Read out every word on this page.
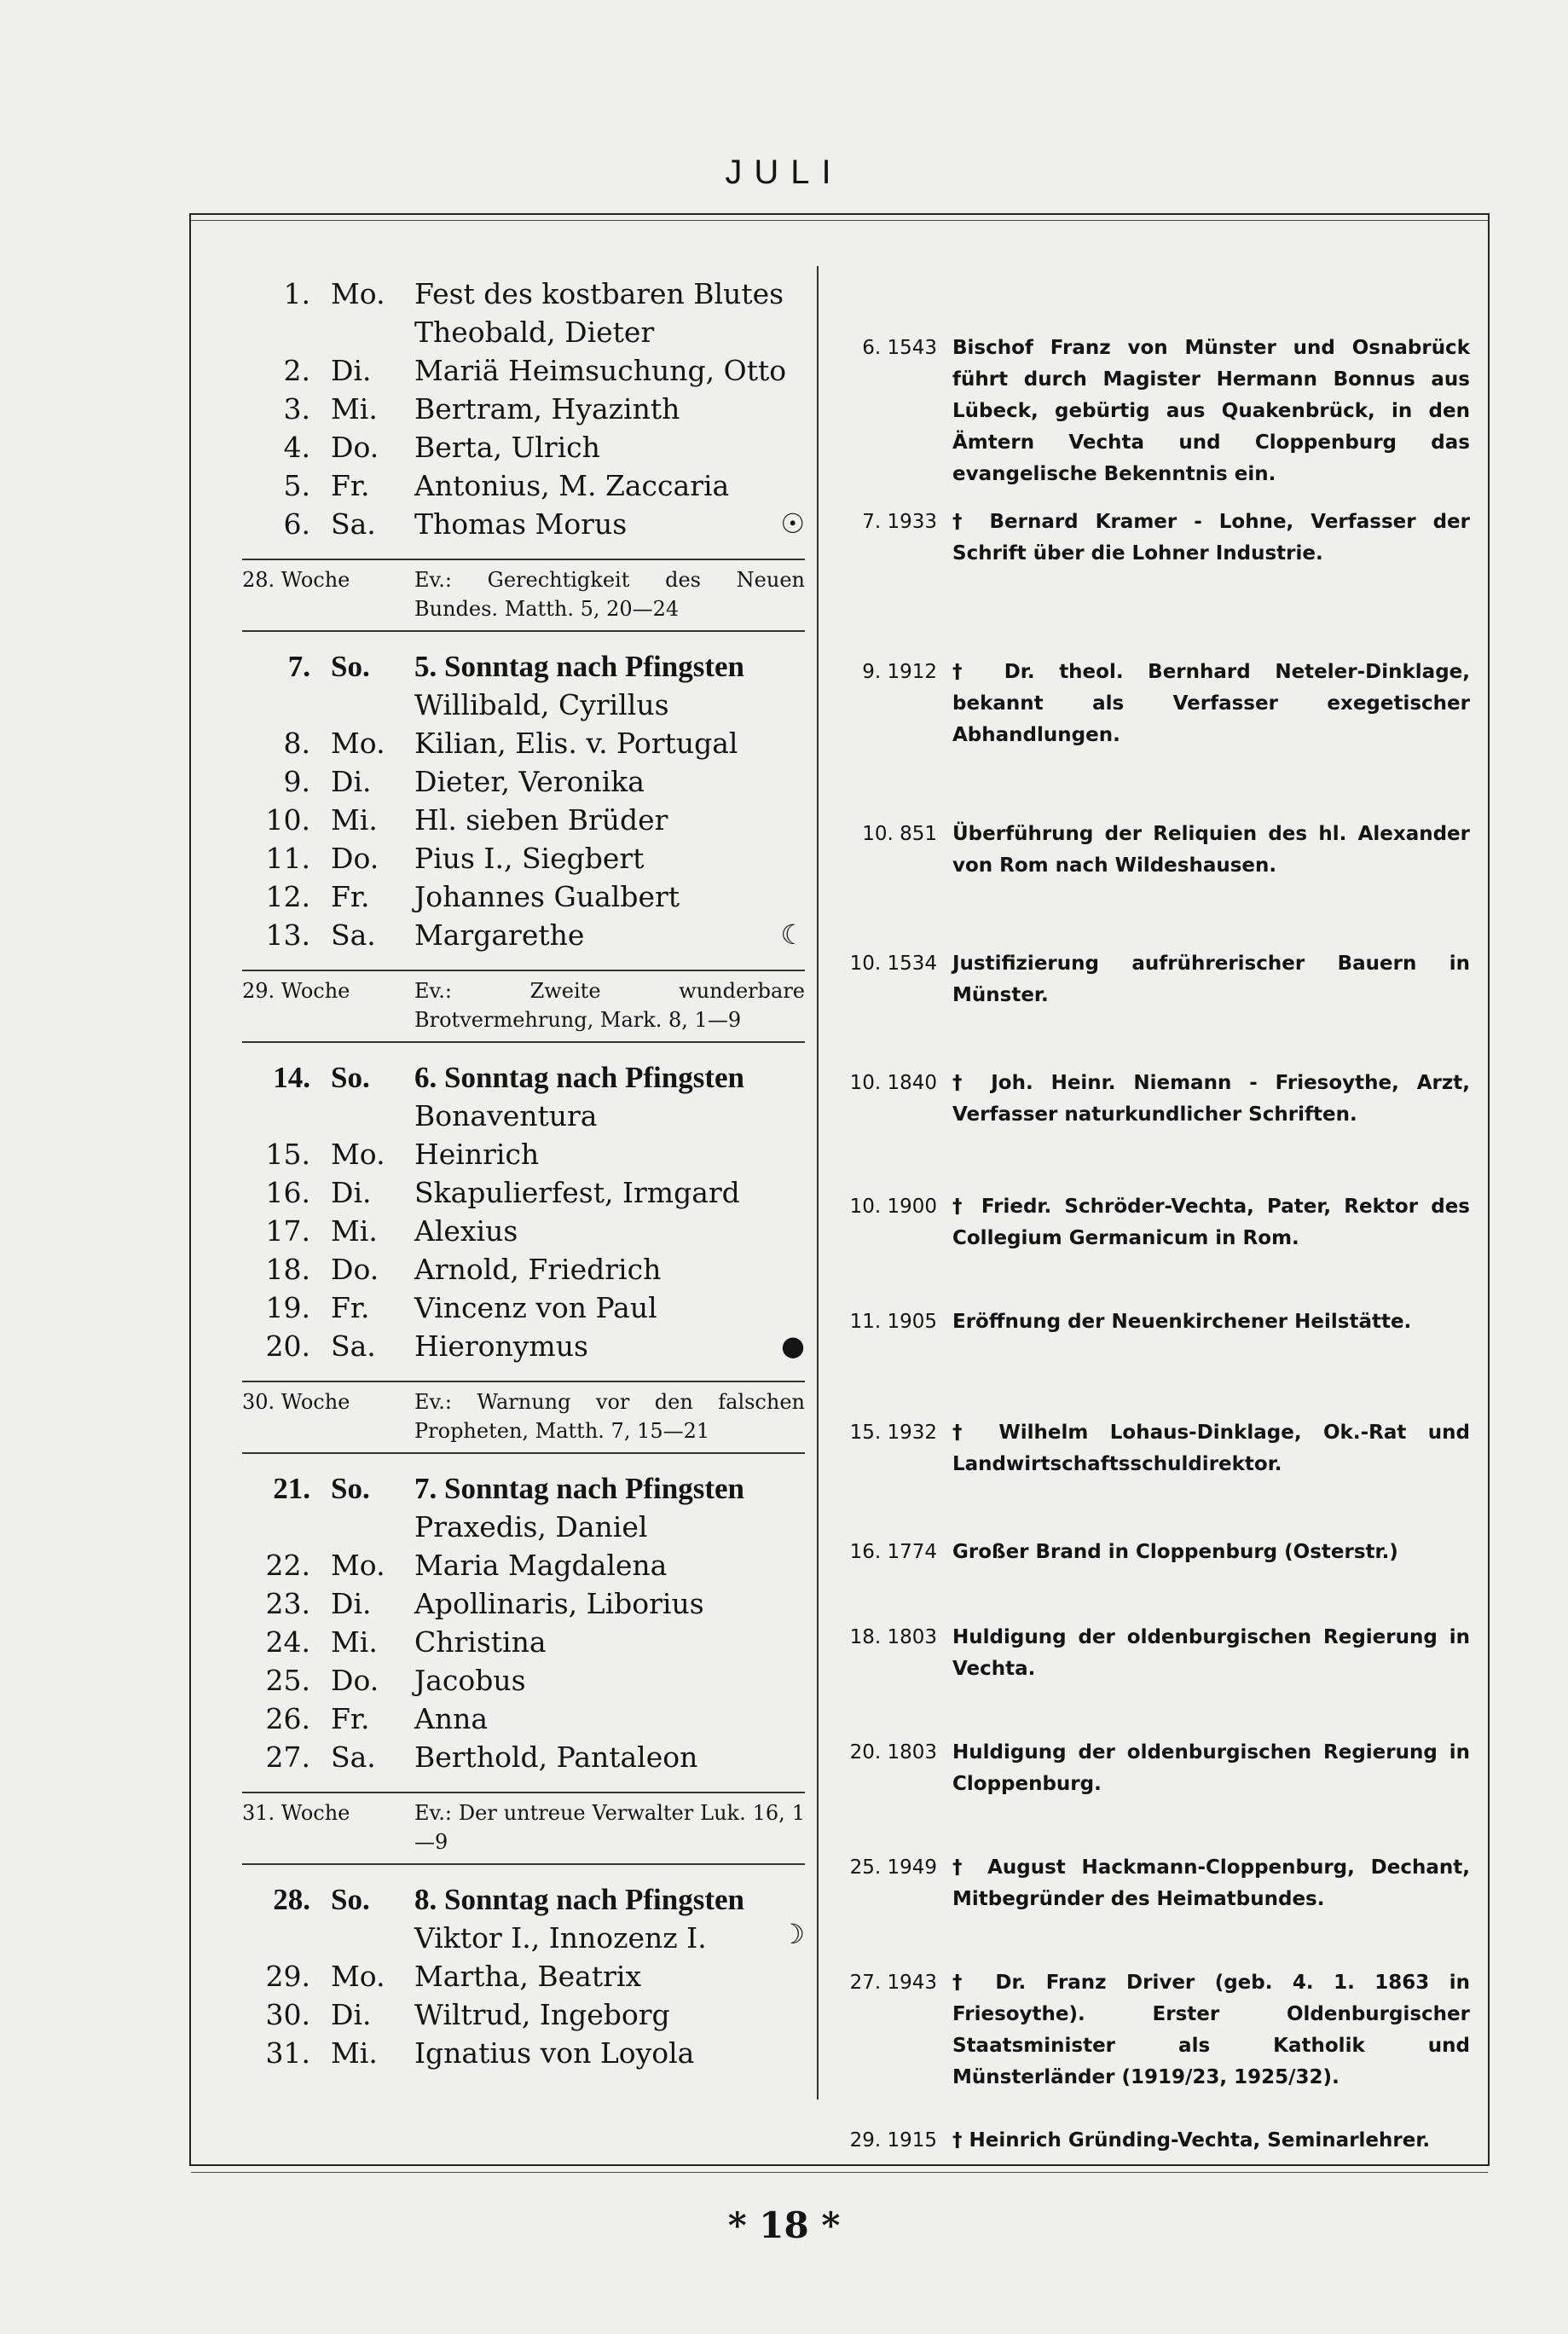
JULI
1. Mo.	Fest des kostbaren Blutes
Theobald, Dieter
2. Di.	Mariä Heimsuchung, Otto
3. Mi.	Bertram, Hyazinth
4. Do.	Berta, Ulrich
5. Fr.	Antonius, M. Zaccaria
6. Sa.	Thomas Morus	☉
28. Woche	Ev.: Gerechtigkeit des Neuen Bundes. Matth. 5, 20—24
7. So.	5. Sonntag nach Pfingsten
Willibald, Cyrillus
8. Mo.	Kilian, Elis. v. Portugal
9. Di.	Dieter, Veronika
10. Mi.	Hl. sieben Brüder
11. Do.	Pius I., Siegbert
12. Fr.	Johannes Gualbert
13. Sa.	Margarethe	☾
29. Woche	Ev.: Zweite wunderbare Brotvermehrung, Mark. 8, 1—9
14. So.	6. Sonntag nach Pfingsten
Bonaventura
15. Mo.	Heinrich
16. Di.	Skapulierfest, Irmgard
17. Mi.	Alexius
18. Do.	Arnold, Friedrich
19. Fr.	Vincenz von Paul
20. Sa.	Hieronymus	●
30. Woche	Ev.: Warnung vor den falschen Propheten, Matth. 7, 15—21
21. So.	7. Sonntag nach Pfingsten
Praxedis, Daniel
22. Mo.	Maria Magdalena
23. Di.	Apollinaris, Liborius
24. Mi.	Christina
25. Do.	Jacobus
26. Fr.	Anna
27. Sa.	Berthold, Pantaleon
31. Woche	Ev.: Der untreue Verwalter Luk. 16, 1—9
28. So.	8. Sonntag nach Pfingsten
Viktor I., Innozenz I.	☽
29. Mo.	Martha, Beatrix
30. Di.	Wiltrud, Ingeborg
31. Mi.	Ignatius von Loyola
6. 1543 Bischof Franz von Münster und Osnabrück führt durch Magister Hermann Bonnus aus Lübeck, gebürtig aus Quakenbrück, in den Ämtern Vechta und Cloppenburg das evangelische Bekenntnis ein.
7. 1933 † Bernard Kramer - Lohne, Verfasser der Schrift über die Lohner Industrie.
9. 1912 † Dr. theol. Bernhard Neteler-Dinklage, bekannt als Verfasser exegetischer Abhandlungen.
10. 851 Überführung der Reliquien des hl. Alexander von Rom nach Wildeshausen.
10. 1534 Justifizierung aufrührerischer Bauern in Münster.
10. 1840 † Joh. Heinr. Niemann - Friesoythe, Arzt, Verfasser naturkundlicher Schriften.
10. 1900 † Friedr. Schröder-Vechta, Pater, Rektor des Collegium Germanicum in Rom.
11. 1905 Eröffnung der Neuenkirchener Heilstätte.
15. 1932 † Wilhelm Lohaus-Dinklage, Ok.-Rat und Landwirtschaftsschuldirektor.
16. 1774 Großer Brand in Cloppenburg (Osterstr.)
18. 1803 Huldigung der oldenburgischen Regierung in Vechta.
20. 1803 Huldigung der oldenburgischen Regierung in Cloppenburg.
25. 1949 † August Hackmann-Cloppenburg, Dechant, Mitbegründer des Heimatbundes.
27. 1943 † Dr. Franz Driver (geb. 4. 1. 1863 in Friesoythe). Erster Oldenburgischer Staatsminister als Katholik und Münsterländer (1919/23, 1925/32).
29. 1915 † Heinrich Gründing-Vechta, Seminarlehrer.
* 18 *
